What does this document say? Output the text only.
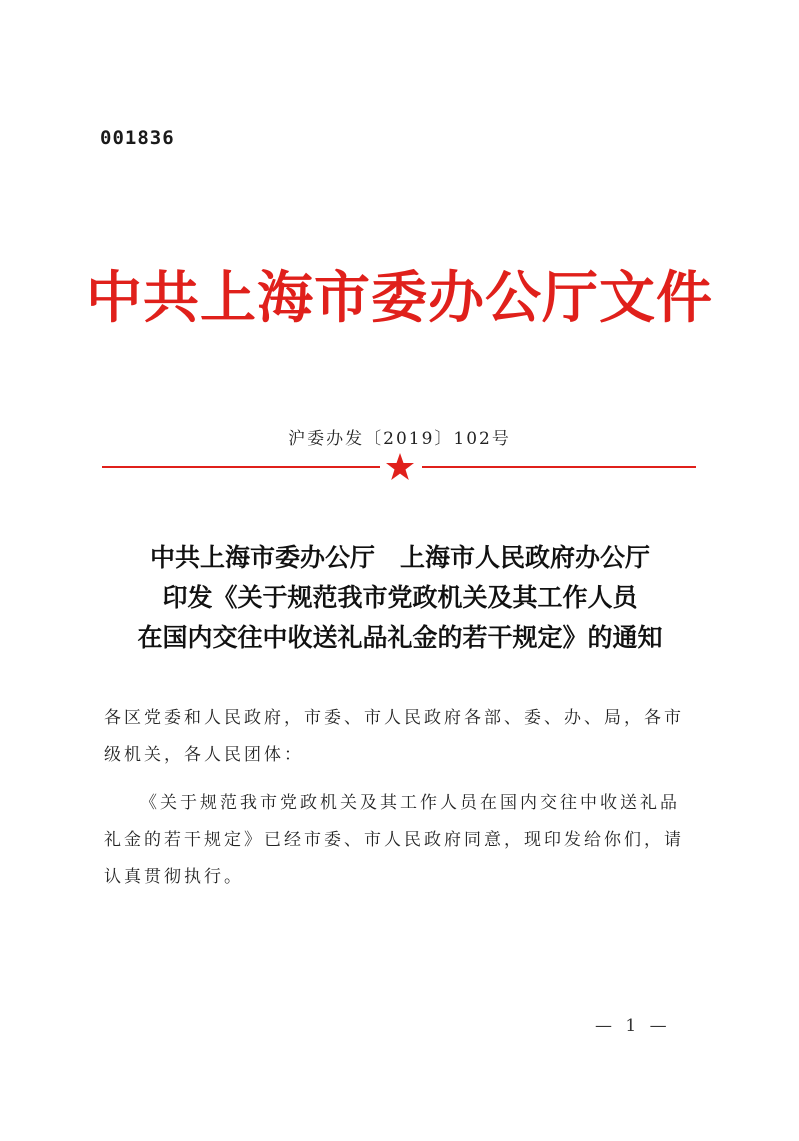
001836
中共上海市委办公厅文件
沪委办发〔2019〕102号
中共上海市委办公厅　上海市人民政府办公厅
印发《关于规范我市党政机关及其工作人员
在国内交往中收送礼品礼金的若干规定》的通知
各区党委和人民政府，市委、市人民政府各部、委、办、局，各市级机关，各人民团体：
《关于规范我市党政机关及其工作人员在国内交往中收送礼品礼金的若干规定》已经市委、市人民政府同意，现印发给你们，请认真贯彻执行。
— 1 —
